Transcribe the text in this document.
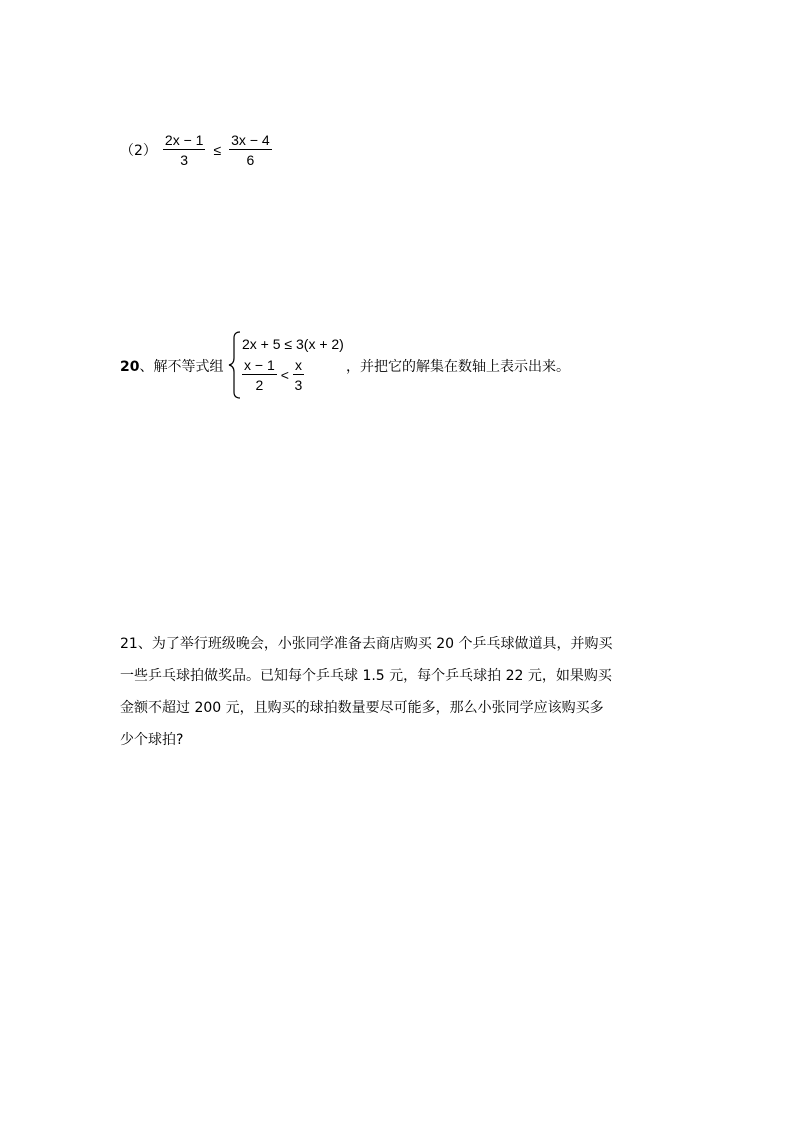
$(2) \frac{2x - 1}{3} \le \frac{3x - 4}{6}$
20、解不等式组
2x + 5 ≤ 3(x + 2)
$\frac{x - 1}{2} < \frac{x}{3}$	，并把它的解集在数轴上表示出来。

21、为了举行班级晚会，小张同学准备去商店购买 20 个乒乓球做道具，并购买

一些乒乓球拍做奖品。已知每个乒乓球 1.5 元，每个乒乓球拍 22 元，如果购买

金额不超过 200 元，且购买的球拍数量要尽可能多，那么小张同学应该购买多

少个球拍?
